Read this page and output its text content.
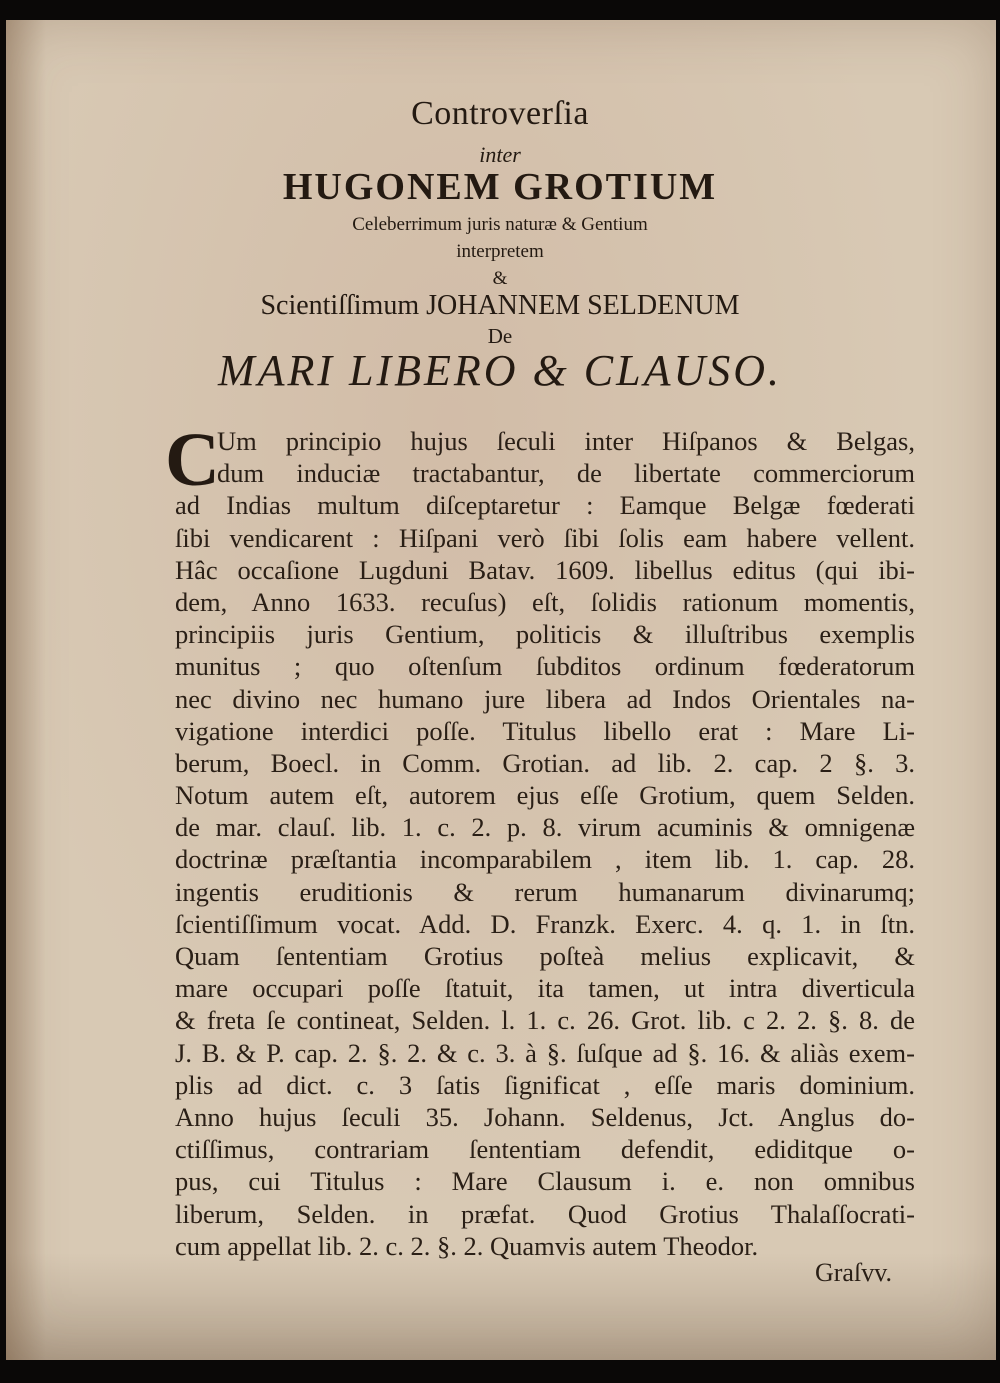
Controverſia
inter
HUGONEM GROTIUM
Celeberrimum juris naturæ & Gentium
interpretem
&
Scientiſſimum JOHANNEM SELDENUM
De
MARI LIBERO & CLAUSO.
C
Um principio hujus ſeculi inter Hiſpanos & Belgas,
dum induciæ tractabantur, de libertate commerciorum
ad Indias multum diſceptaretur : Eamque Belgæ fœderati
ſibi vendicarent : Hiſpani verò ſibi ſolis eam habere vellent.
Hâc occaſione Lugduni Batav. 1609. libellus editus (qui ibi-
dem, Anno 1633. recuſus) eſt, ſolidis rationum momentis,
principiis juris Gentium, politicis & illuſtribus exemplis
munitus ; quo oſtenſum ſubditos ordinum fœderatorum
nec divino nec humano jure libera ad Indos Orientales na-
vigatione interdici poſſe. Titulus libello erat : Mare Li-
berum, Boecl. in Comm. Grotian. ad lib. 2. cap. 2 §. 3.
Notum autem eſt, autorem ejus eſſe Grotium, quem Selden.
de mar. clauſ. lib. 1. c. 2. p. 8. virum acuminis & omnigenæ
doctrinæ præſtantia incomparabilem , item lib. 1. cap. 28.
ingentis eruditionis & rerum humanarum divinarumq;
ſcientiſſimum vocat. Add. D. Franzk. Exerc. 4. q. 1. in ſtn.
Quam ſententiam Grotius poſteà melius explicavit, &
mare occupari poſſe ſtatuit, ita tamen, ut intra diverticula
& freta ſe contineat, Selden. l. 1. c. 26. Grot. lib. c 2. 2. §. 8. de
J. B. & P. cap. 2. §. 2. & c. 3. à §. ſuſque ad §. 16. & aliàs exem-
plis ad dict. c. 3 ſatis ſignificat , eſſe maris dominium.
Anno hujus ſeculi 35. Johann. Seldenus, Jct. Anglus do-
ctiſſimus, contrariam ſententiam defendit, ediditque o-
pus, cui Titulus : Mare Clausum i. e. non omnibus
liberum, Selden. in præfat. Quod Grotius Thalaſſocrati-
cum appellat lib. 2. c. 2. §. 2. Quamvis autem Theodor.
Graſvv.
